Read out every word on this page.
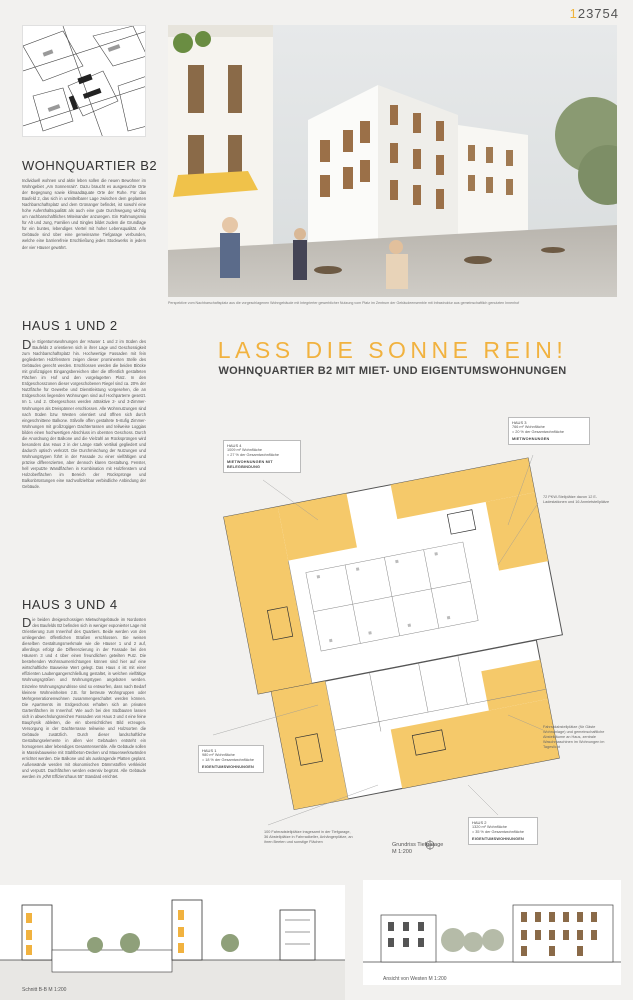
123754
Perspektive vom Nachbarschaftsplatz aus die vorgeschlagenen Wohngebäude mit Integrierter gewerblicher Nutzung vom Platz im Zentrum der Gebäudeensemble mit Infrastruktur aus gemeinschaftlich genutzten Innenhof
WOHNQUARTIER B2

Individuell wohnen und aktiv leben sollen die neuen Bewohner im Wohngebiet „Am Sonnenrain“. Dazu braucht es ausgesuchte Orte der Begegnung sowie klimaadäquate Orte der Ruhe. Für das Baufeld 2, das sich in unmittelbarer Lage zwischen dem geplanten Nachbarschaftsplatz und dem Grünanger befindet, ist sowohl eine hohe Aufenthaltsqualität als auch eine gute Durchwegung wichtig um nachbarschaftliches Miteinander anzuregen. Ein Rahmungsmix für Alt und Jung, Familien und Singles bildet zudem die Grundlage für ein buntes, lebendiges Viertel mit hoher Lebensqualität. Alle Gebäude sind über eine gemeinsame Tiefgarage verbunden, welche eine barrierefreie Erschließung jedes Stockwerks in jedem der vier Häuser gewährt.

HAUS 1 UND 2
Die Eigentumswohnungen der Häuser 1 und 2 im Süden des Baufelds 2 orientieren sich in ihrer Lage und Geschossigkeit zum Nachbarschaftsplatz hin. Hochwertige Fassaden mit fein gegliederten Holzfenstern zeigen dieser prominenten Stelle des Gebäudes gerecht werden. Erschlossen werden die beiden Blöcke mit großzügigen Eingangsbereichen über die öffentlich gestalteten Flächen im Hof und den vorgelagerten Platz. In den Erdgeschosszonen dieser vorgeschobenen Riegel sind ca. 20% der Nutzfläche für Gewerbe und Dienstleistung vorgesehen, die an Erdgeschoss liegenden Wohnungen sind auf Hochparterre gesetzt. Im 1. und 2. Obergeschoss werden attraktive 2- und 3-Zimmer-Wohnungen als Dreispänner erschlossen. Alle Wohnnutzungen sind nach Süden bzw. Westen orientiert und öffnen sich durch eingeschnittene Balkone. Stilvolle offen gestaltete 5-stufig Zimmer-Wohnungen mit großzügigen Dachterrassen und teilweise Loggias bilden einen hochwertigen Abschluss im obersten Geschoss. Durch die Anordnung der Balkone und die Vielzahl an Rücksprüngen wird besonders das Haus 2 in der Länge stark vertikal gegliedert und dadurch optisch verkürzt. Die Durchmischung der Nutzungen und Wohnungstypen führt in der Fassade zu einer vielfältigen und präzise differenzierten, aber dennoch klaren Gestaltung. Fenster, hell verputzte Wandflächen in Kombination mit Holzfenstern und Holzoberflächen im Bereich der Rücksprünge und Balkonbrüstungen eine nachvollziehbar verbindliche Anbindung der Gebäude.
HAUS 3 UND 4
Die beiden dreigeschossigen Mietwohngebäude im Nordosten des Baufelds B2 befinden sich in weniger exponierter Lage mit Orientierung zum Innenhof des Quartiers. Beide werden von den umliegenden öffentlichen Straßen erschlossen. Sie weisen dieselben Gestaltungsmerkmale wie die Häuser 1 und 2 auf, allerdings erfolgt die Differenzierung in der Fassade bei den Häusern 3 und 4 über einen freundlichen geteilten Putz. Die bestehenden Wohnraumerrichtungen können sind hier auf eine wirtschaftliche Bauweise Wert gelegt. Das Haus 4 ist mit einer effizienten Laubengangerschließung gestaltet, in welchen vielfältige Wohnungsgrößen und Wohnungstypen angeboten werden. Einzelne Wohnungsgrundrisse sind so entworfen, dass nach Bedarf kleinere Wohneinheiten z.B. für betreute Wohngruppen oder Mehrgenerationenwohnen zusammengeschaltet werden können. Die Apartments im Erdgeschoss erhalten sich an privaten Gartenflächen im Innenhof. Wie auch bei den Südbauten lassen sich in abwechslungsreichen Fassaden von Haus 3 und 4 eine feine Bauphysik ableiten, die ein übersichtliches Bild erzeugen. Versorgung in der Dachterrasse teilweise und Holzsorten die Gebäude zusätzlich. Durch dieser landschaftliche Gestaltungselemente in allen vier Gebäuden entsteht ein homogenes aber lebendiges Gesamtensemble. Alle Gebäude sollen in Massivbauweise mit Stahlbeton-Decken und Mauerwerkswänden errichtet werden. Die Balkone und als auskragende Platten geplant. Außenwände werden mit ökonomischen Dämmstoffen verkleidet und verputzt. Dachflächen werden extensiv begrünt. Alle Gebäude werden im „KfW Effizienzhaus 55“ Standard errichtet.
LASS DIE SONNE REIN!
WOHNQUARTIER B2 MIT MIET- UND EIGENTUMSWOHNUNGEN
HAUS 4
1009 m² Wohnfläche
= 27 % der Gesamtwohnfläche
MIETWOHNUNGEN MIT BELEGBINDUNG
HAUS 3
766 m² Wohnfläche
= 20 % der Gesamtwohnfläche
MIETWOHNUNGEN
HAUS 1
980 m² Wohnfläche
= 18 % der Gesamtwohnfläche
EIGENTUMSWOHNUNGEN
HAUS 2
1320 m² Wohnfläche
= 35 % der Gesamtwohnfläche
EIGENTUMSWOHNUNGEN
72 PKW-Stellplätze davon 12 E-Ladestationen und 16 Anmietstellplätze
Fahrradabstellplätze (für Gäste Wohnanlage) und gemeinschaftliche Abstellräume an Haus, zentrale Waschmaschinen im Wohnungen im Tageslicht
100 Fahrradstellplätze insgesamt in der Tiefgarage, 36 Abstellplätze in Fahrradkeller, Anhängerplätze, an ihren Beeten und sonstige Flächen	Grundriss Tiefgarage
M 1:200
Schnitt B-B M 1:200
Ansicht von Westen M 1:200
